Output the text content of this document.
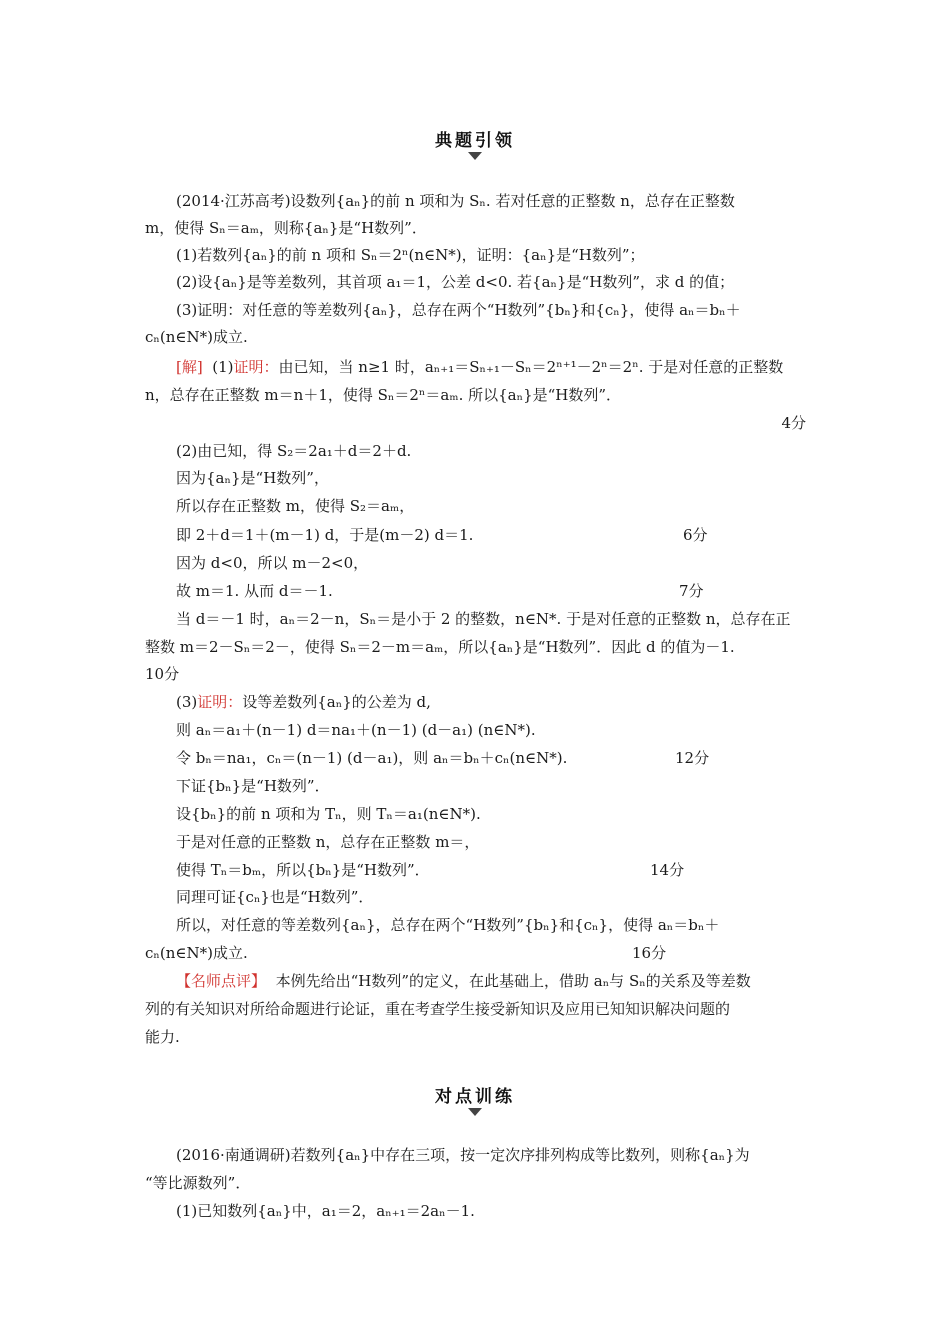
典题引领
(2014·江苏高考)设数列{aₙ}的前 n 项和为 Sₙ. 若对任意的正整数 n，总存在正整数
m，使得 Sₙ＝aₘ，则称{aₙ}是“H数列”．
(1)若数列{aₙ}的前 n 项和 Sₙ＝2ⁿ(n∈N*)，证明：{aₙ}是“H数列”；
(2)设{aₙ}是等差数列，其首项 a₁＝1，公差 d<0. 若{aₙ}是“H数列”，求 d 的值；
(3)证明：对任意的等差数列{aₙ}，总存在两个“H数列”{bₙ}和{cₙ}，使得 aₙ＝bₙ＋
cₙ(n∈N*)成立.
[解] (1)证明：由已知，当 n≥1 时，aₙ₊₁＝Sₙ₊₁－Sₙ＝2ⁿ⁺¹－2ⁿ＝2ⁿ. 于是对任意的正整数
n，总存在正整数 m＝n＋1，使得 Sₙ＝2ⁿ＝aₘ. 所以{aₙ}是“H数列”．
4分
(2)由已知，得 S₂＝2a₁＋d＝2＋d.
因为{aₙ}是“H数列”，
所以存在正整数 m，使得 S₂＝aₘ，
即 2＋d＝1＋(m－1) d，于是(m－2) d＝1.	6分
因为 d<0，所以 m－2<0，
故 m＝1. 从而 d＝－1.	7分
当 d＝－1 时，aₙ＝2－n，Sₙ＝是小于 2 的整数，n∈N*. 于是对任意的正整数 n，总存在正
整数 m＝2－Sₙ＝2－，使得 Sₙ＝2－m＝aₘ，所以{aₙ}是“H数列”．因此 d 的值为－1.
10分
(3)证明：设等差数列{aₙ}的公差为 d,
则 aₙ＝a₁＋(n－1) d＝na₁＋(n－1) (d－a₁) (n∈N*).
令 bₙ＝na₁，cₙ＝(n－1) (d－a₁)，则 aₙ＝bₙ＋cₙ(n∈N*).	12分
下证{bₙ}是“H数列”．
设{bₙ}的前 n 项和为 Tₙ，则 Tₙ＝a₁(n∈N*).
于是对任意的正整数 n，总存在正整数 m＝，
使得 Tₙ＝bₘ，所以{bₙ}是“H数列”．	14分
同理可证{cₙ}也是“H数列”．
所以，对任意的等差数列{aₙ}，总存在两个“H数列”{bₙ}和{cₙ}，使得 aₙ＝bₙ＋
cₙ(n∈N*)成立.	16分
【名师点评】 本例先给出“H数列”的定义，在此基础上，借助 aₙ与 Sₙ的关系及等差数
列的有关知识对所给命题进行论证，重在考查学生接受新知识及应用已知知识解决问题的
能力.
对点训练
(2016·南通调研)若数列{aₙ}中存在三项，按一定次序排列构成等比数列，则称{aₙ}为
“等比源数列”．
(1)已知数列{aₙ}中，a₁＝2，aₙ₊₁＝2aₙ－1.
